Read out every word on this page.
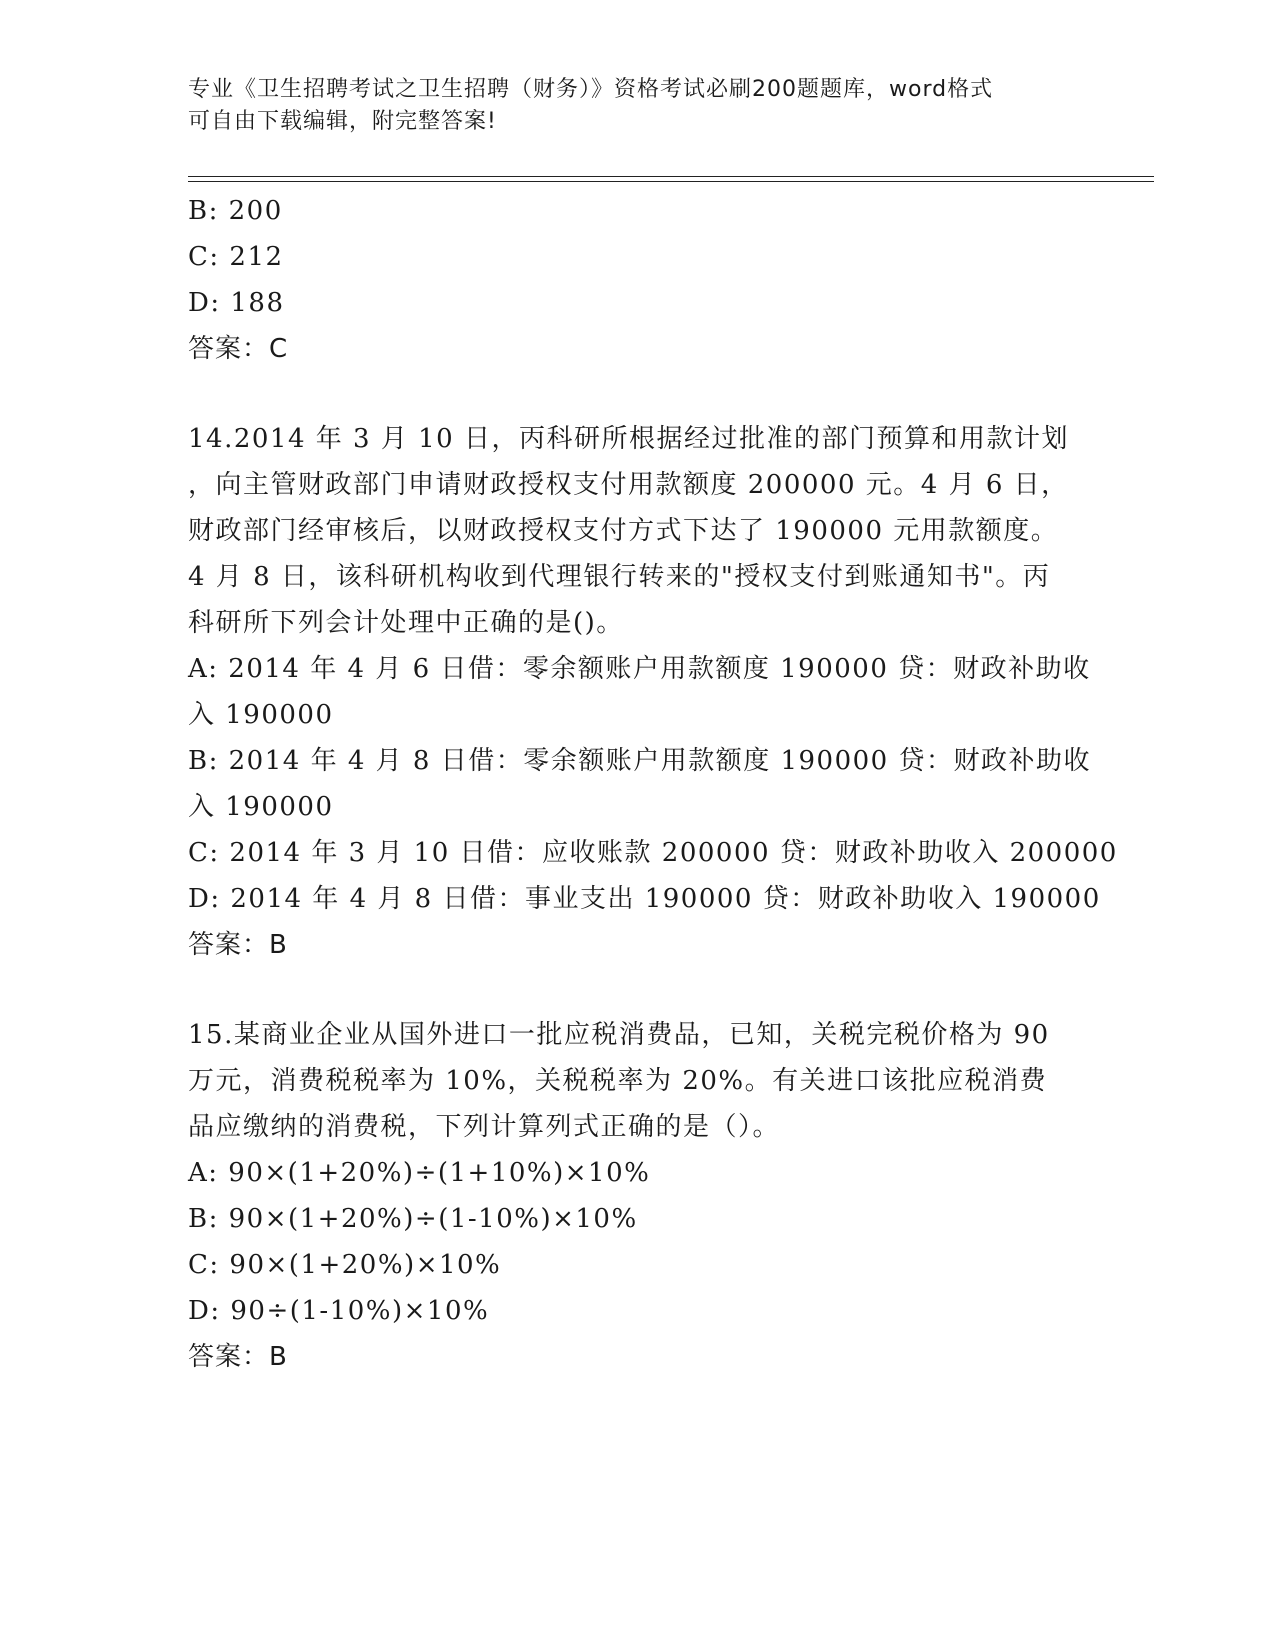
专业《卫生招聘考试之卫生招聘（财务）》资格考试必刷200题题库，word格式
可自由下载编辑，附完整答案!
B: 200
C: 212
D: 188
答案：C
14.2014 年 3 月 10 日，丙科研所根据经过批准的部门预算和用款计划
，向主管财政部门申请财政授权支付用款额度 200000 元。4 月 6 日，
财政部门经审核后，以财政授权支付方式下达了 190000 元用款额度。
4 月 8 日，该科研机构收到代理银行转来的"授权支付到账通知书"。丙
科研所下列会计处理中正确的是()。
A: 2014 年 4 月 6 日借：零余额账户用款额度 190000 贷：财政补助收
入 190000
B: 2014 年 4 月 8 日借：零余额账户用款额度 190000 贷：财政补助收
入 190000
C: 2014 年 3 月 10 日借：应收账款 200000 贷：财政补助收入 200000
D: 2014 年 4 月 8 日借：事业支出 190000 贷：财政补助收入 190000
答案：B
15.某商业企业从国外进口一批应税消费品，已知，关税完税价格为 90
万元，消费税税率为 10%，关税税率为 20%。有关进口该批应税消费
品应缴纳的消费税，下列计算列式正确的是（）。
A: 90×(1+20%)÷(1+10%)×10%
B: 90×(1+20%)÷(1-10%)×10%
C: 90×(1+20%)×10%
D: 90÷(1-10%)×10%
答案：B
